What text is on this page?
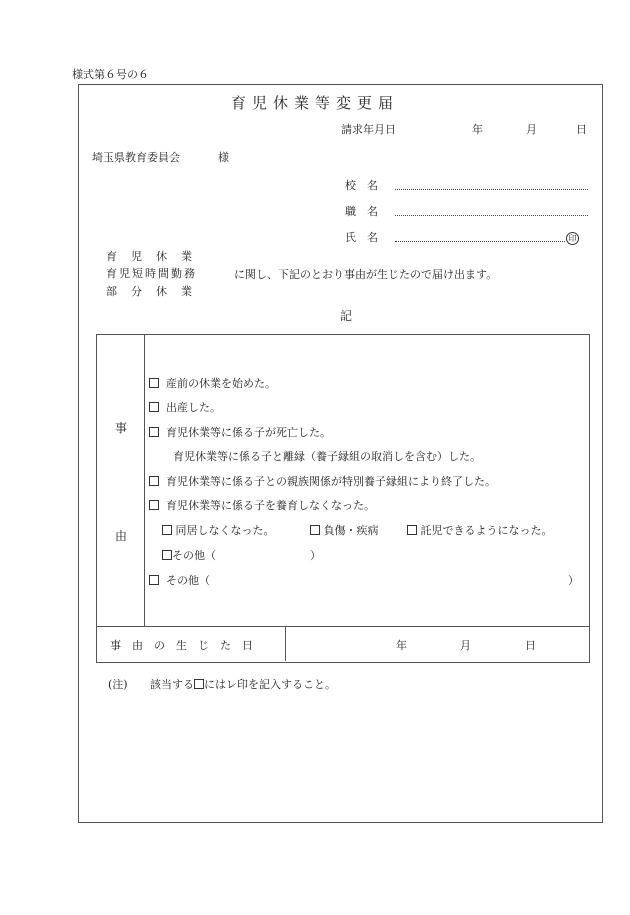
様式第６号の６
育児休業等変更届
請求年月日	年	月	日
埼玉県教育委員会	様
校　名
職　名
氏　名	印
育児休業
育児短時間勤務
部分休業
に関し、下記のとおり事由が生じたので届け出ます。
記
事
由
産前の休業を始めた。
出産した。
育児休業等に係る子が死亡した。
育児休業等に係る子と離縁（養子縁組の取消しを含む）した。
育児休業等に係る子との親族関係が特別養子縁組により終了した。
育児休業等に係る子を養育しなくなった。
同居しなくなった。	負傷・疾病	託児できるようになった。
その他（	）
その他（	）
事由の生じた日	年	月	日
(注) 該当する にはレ印を記入すること。
